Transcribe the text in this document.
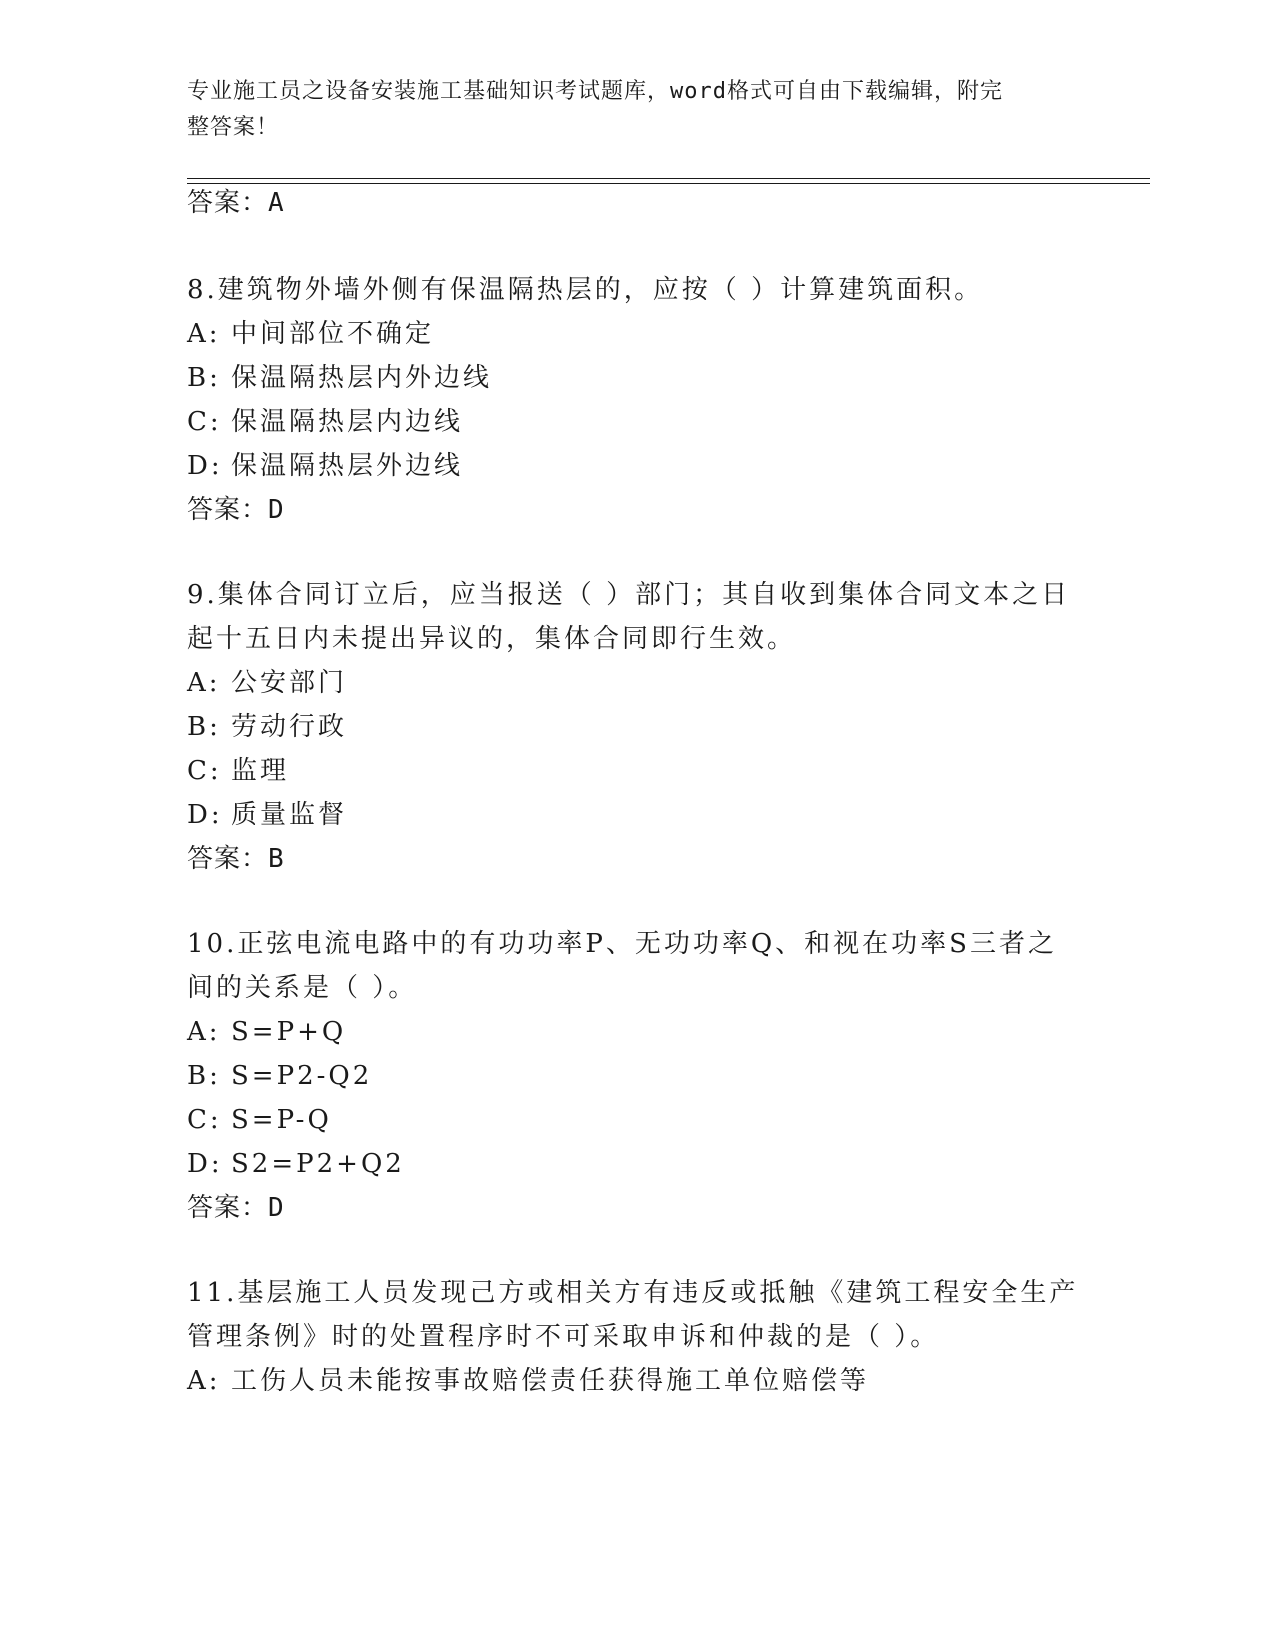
专业施工员之设备安装施工基础知识考试题库，word格式可自由下载编辑，附完
整答案！
答案：A
8.建筑物外墙外侧有保温隔热层的，应按（ ）计算建筑面积。
A: 中间部位不确定
B: 保温隔热层内外边线
C: 保温隔热层内边线
D: 保温隔热层外边线
答案：D
9.集体合同订立后，应当报送（ ）部门；其自收到集体合同文本之日
起十五日内未提出异议的，集体合同即行生效。
A: 公安部门
B: 劳动行政
C: 监理
D: 质量监督
答案：B
10.正弦电流电路中的有功功率P、无功功率Q、和视在功率S三者之
间的关系是（ ）。
A: S=P+Q
B: S=P2-Q2
C: S=P-Q
D: S2=P2+Q2
答案：D
11.基层施工人员发现己方或相关方有违反或抵触《建筑工程安全生产
管理条例》时的处置程序时不可采取申诉和仲裁的是（ ）。
A: 工伤人员未能按事故赔偿责任获得施工单位赔偿等
